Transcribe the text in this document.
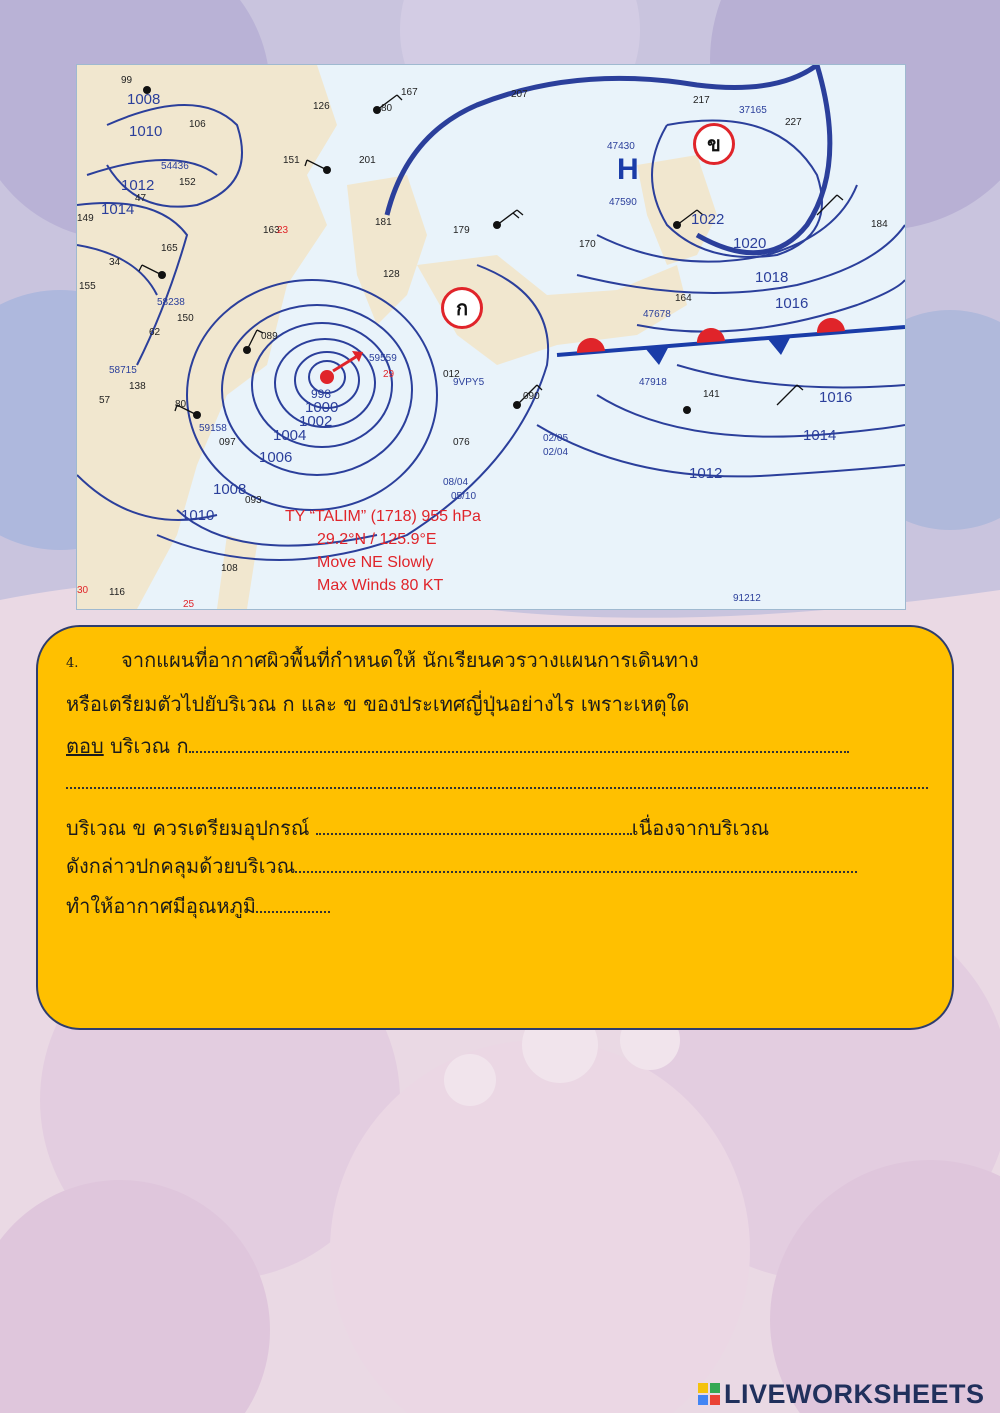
1008
1010
1012
1014
1022
1020
1018
1016
1016
1014
1012
998
1000
1002
1004
1006
1008
1010
99
167	207
217
126	80
201
151
163
181
179
170
165
155
150
138
141
164
090
076
093
097
108
116
012
128
089
37165
47430
47590
47678
47918
54436
58238
58715
59158
59559
91212
9VPY5
02/05
02/04
08/04
05/10
227
184
149
152
106
47
34
62
57	80
23
25
29
30
H
ก
ข
TY “TALIM” (1718) 955 hPa
29.2°N / 125.9°E
Move NE Slowly
Max Winds 80 KT
4. จากแผนที่อากาศผิวพื้นที่กำหนดให้ นักเรียนควรวางแผนการเดินทาง
หรือเตรียมตัวไปยับริเวณ ก และ ข ของประเทศญี่ปุ่นอย่างไร เพราะเหตุใด
ตอบ บริเวณ ก
บริเวณ ข ควรเตรียมอุปกรณ์	เนื่องจากบริเวณ
ดังกล่าวปกคลุมด้วยบริเวณ
ทำให้อากาศมีอุณหภูมิ
LIVEWORKSHEETS
